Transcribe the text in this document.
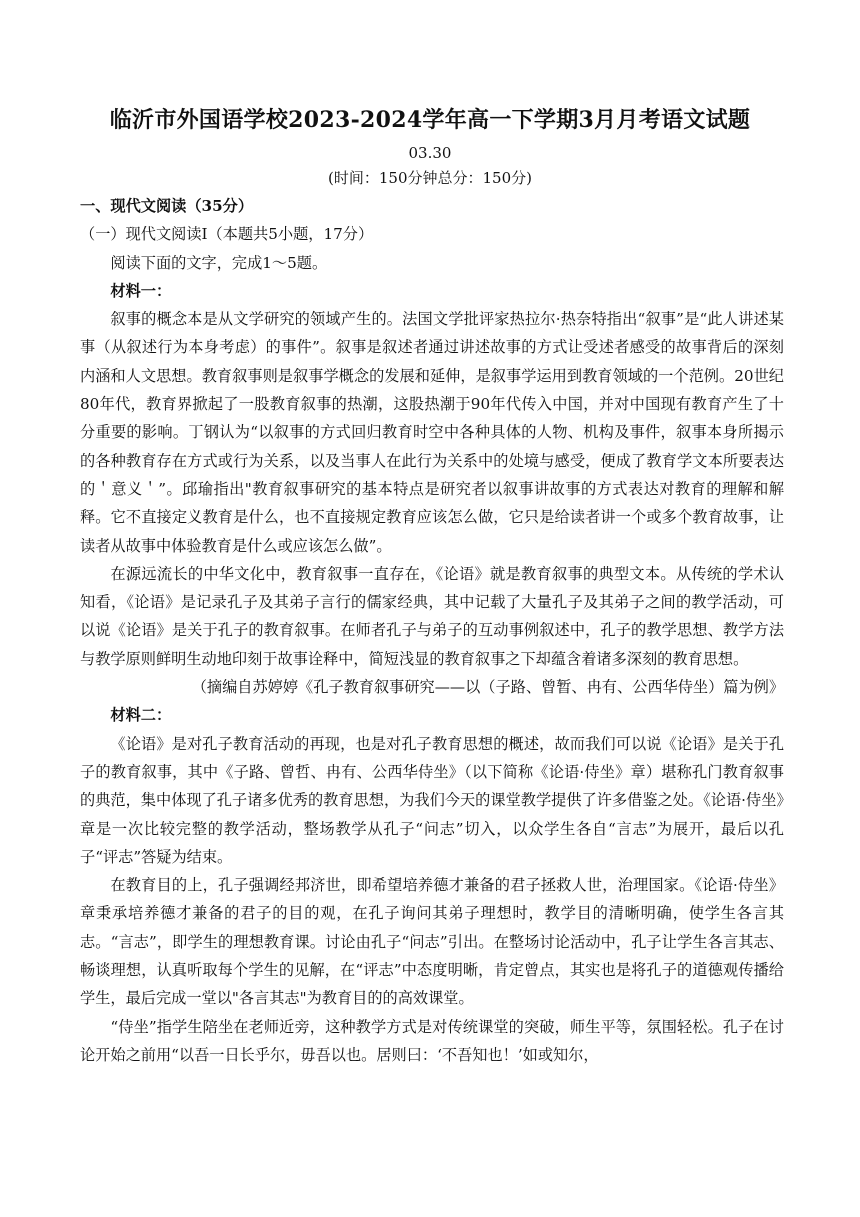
临沂市外国语学校2023-2024学年高一下学期3月月考语文试题
03.30
(时间：150分钟总分：150分)

一、现代文阅读（35分）

（一）现代文阅读Ⅰ（本题共5小题，17分）

阅读下面的文字，完成1～5题。

材料一：

叙事的概念本是从文学研究的领域产生的。法国文学批评家热拉尔·热奈特指出“叙事”是“此人讲述某事（从叙述行为本身考虑）的事件”。叙事是叙述者通过讲述故事的方式让受述者感受的故事背后的深刻内涵和人文思想。教育叙事则是叙事学概念的发展和延伸，是叙事学运用到教育领域的一个范例。20世纪80年代，教育界掀起了一股教育叙事的热潮，这股热潮于90年代传入中国，并对中国现有教育产生了十分重要的影响。丁钢认为“以叙事的方式回归教育时空中各种具体的人物、机构及事件，叙事本身所揭示的各种教育存在方式或行为关系，以及当事人在此行为关系中的处境与感受，便成了教育学文本所要表达的＇意义＇”。邱瑜指出"教育叙事研究的基本特点是研究者以叙事讲故事的方式表达对教育的理解和解释。它不直接定义教育是什么，也不直接规定教育应该怎么做，它只是给读者讲一个或多个教育故事，让读者从故事中体验教育是什么或应该怎么做”。

在源远流长的中华文化中，教育叙事一直存在，《论语》就是教育叙事的典型文本。从传统的学术认知看，《论语》是记录孔子及其弟子言行的儒家经典，其中记载了大量孔子及其弟子之间的教学活动，可以说《论语》是关于孔子的教育叙事。在师者孔子与弟子的互动事例叙述中，孔子的教学思想、教学方法与教学原则鲜明生动地印刻于故事诠释中，简短浅显的教育叙事之下却蕴含着诸多深刻的教育思想。

（摘编自苏婷婷《孔子教育叙事研究——以（子路、曾暂、冉有、公西华侍坐）篇为例》

材料二：

《论语》是对孔子教育活动的再现，也是对孔子教育思想的概述，故而我们可以说《论语》是关于孔子的教育叙事，其中《子路、曾哲、冉有、公西华侍坐》（以下简称《论语·侍坐》章）堪称孔门教育叙事的典范，集中体现了孔子诸多优秀的教育思想，为我们今天的课堂教学提供了许多借鉴之处。《论语·侍坐》章是一次比较完整的教学活动，整场教学从孔子“问志”切入，以众学生各自“言志”为展开，最后以孔子“评志”答疑为结束。

在教育目的上，孔子强调经邦济世，即希望培养德才兼备的君子拯救人世，治理国家。《论语·侍坐》章秉承培养德才兼备的君子的目的观，在孔子询问其弟子理想时，教学目的清晰明确，使学生各言其志。“言志”，即学生的理想教育课。讨论由孔子“问志”引出。在整场讨论活动中，孔子让学生各言其志、畅谈理想，认真听取每个学生的见解，在“评志”中态度明晰，肯定曾点，其实也是将孔子的道德观传播给学生，最后完成一堂以"各言其志"为教育目的的高效课堂。

“侍坐”指学生陪坐在老师近旁，这种教学方式是对传统课堂的突破，师生平等，氛围轻松。孔子在讨论开始之前用“以吾一日长乎尔，毋吾以也。居则曰：‘不吾知也！’如或知尔，
